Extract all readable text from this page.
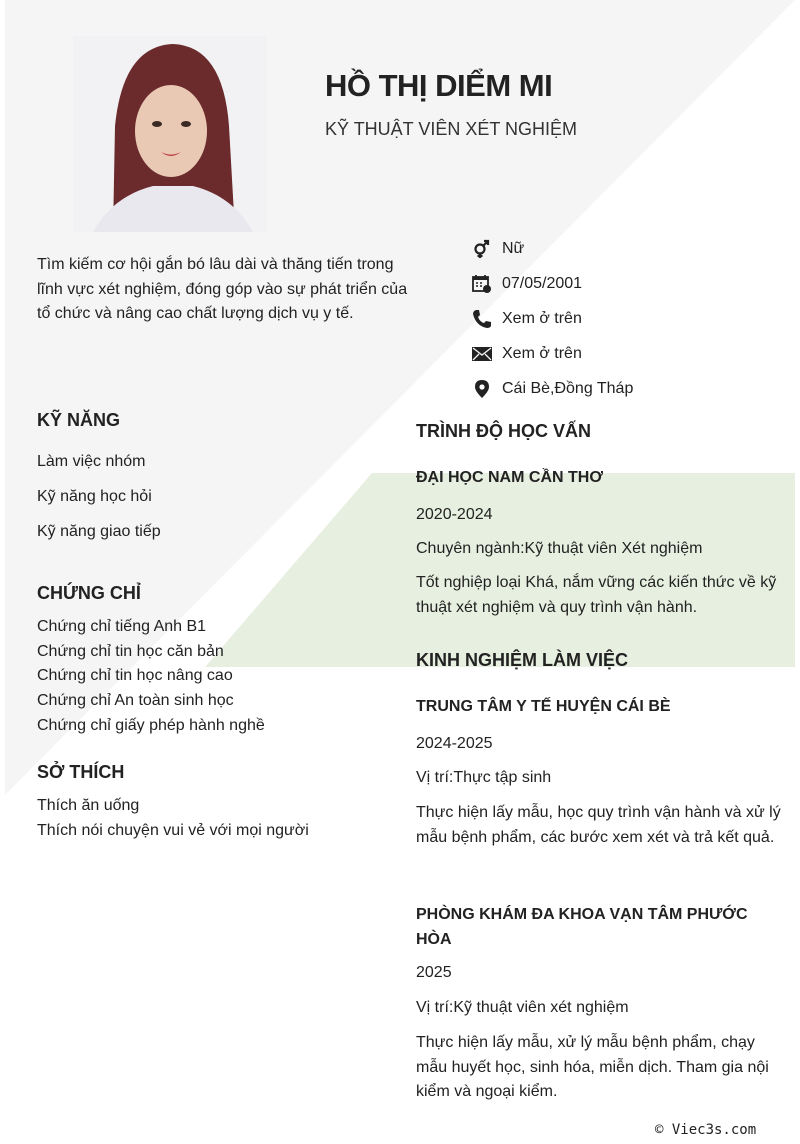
HỒ THỊ DIỂM MI
KỸ THUẬT VIÊN XÉT NGHIỆM
Tìm kiếm cơ hội gắn bó lâu dài và thăng tiến trong lĩnh vực xét nghiệm, đóng góp vào sự phát triển của tổ chức và nâng cao chất lượng dịch vụ y tế.
Nữ
07/05/2001
Xem ở trên
Xem ở trên
Cái Bè,Đồng Tháp
KỸ NĂNG
Làm việc nhóm
Kỹ năng học hỏi
Kỹ năng giao tiếp
CHỨNG CHỈ
Chứng chỉ tiếng Anh B1
Chứng chỉ tin học căn bản
Chứng chỉ tin học nâng cao
Chứng chỉ An toàn sinh học
Chứng chỉ giấy phép hành nghề
SỞ THÍCH
Thích ăn uống
Thích nói chuyện vui vẻ với mọi người
TRÌNH ĐỘ HỌC VẤN
ĐẠI HỌC NAM CẦN THƠ
2020-2024
Chuyên ngành:Kỹ thuật viên Xét nghiệm
Tốt nghiệp loại Khá, nắm vững các kiến thức về kỹ thuật xét nghiệm và quy trình vận hành.
KINH NGHIỆM LÀM VIỆC
TRUNG TÂM Y TẾ HUYỆN CÁI BÈ
2024-2025
Vị trí:Thực tập sinh
Thực hiện lấy mẫu, học quy trình vận hành và xử lý mẫu bệnh phẩm, các bước xem xét và trả kết quả.
PHÒNG KHÁM ĐA KHOA VẠN TÂM PHƯỚC HÒA
2025
Vị trí:Kỹ thuật viên xét nghiệm
Thực hiện lấy mẫu, xử lý mẫu bệnh phẩm, chạy mẫu huyết học, sinh hóa, miễn dịch. Tham gia nội kiểm và ngoại kiểm.
© Viec3s.com
